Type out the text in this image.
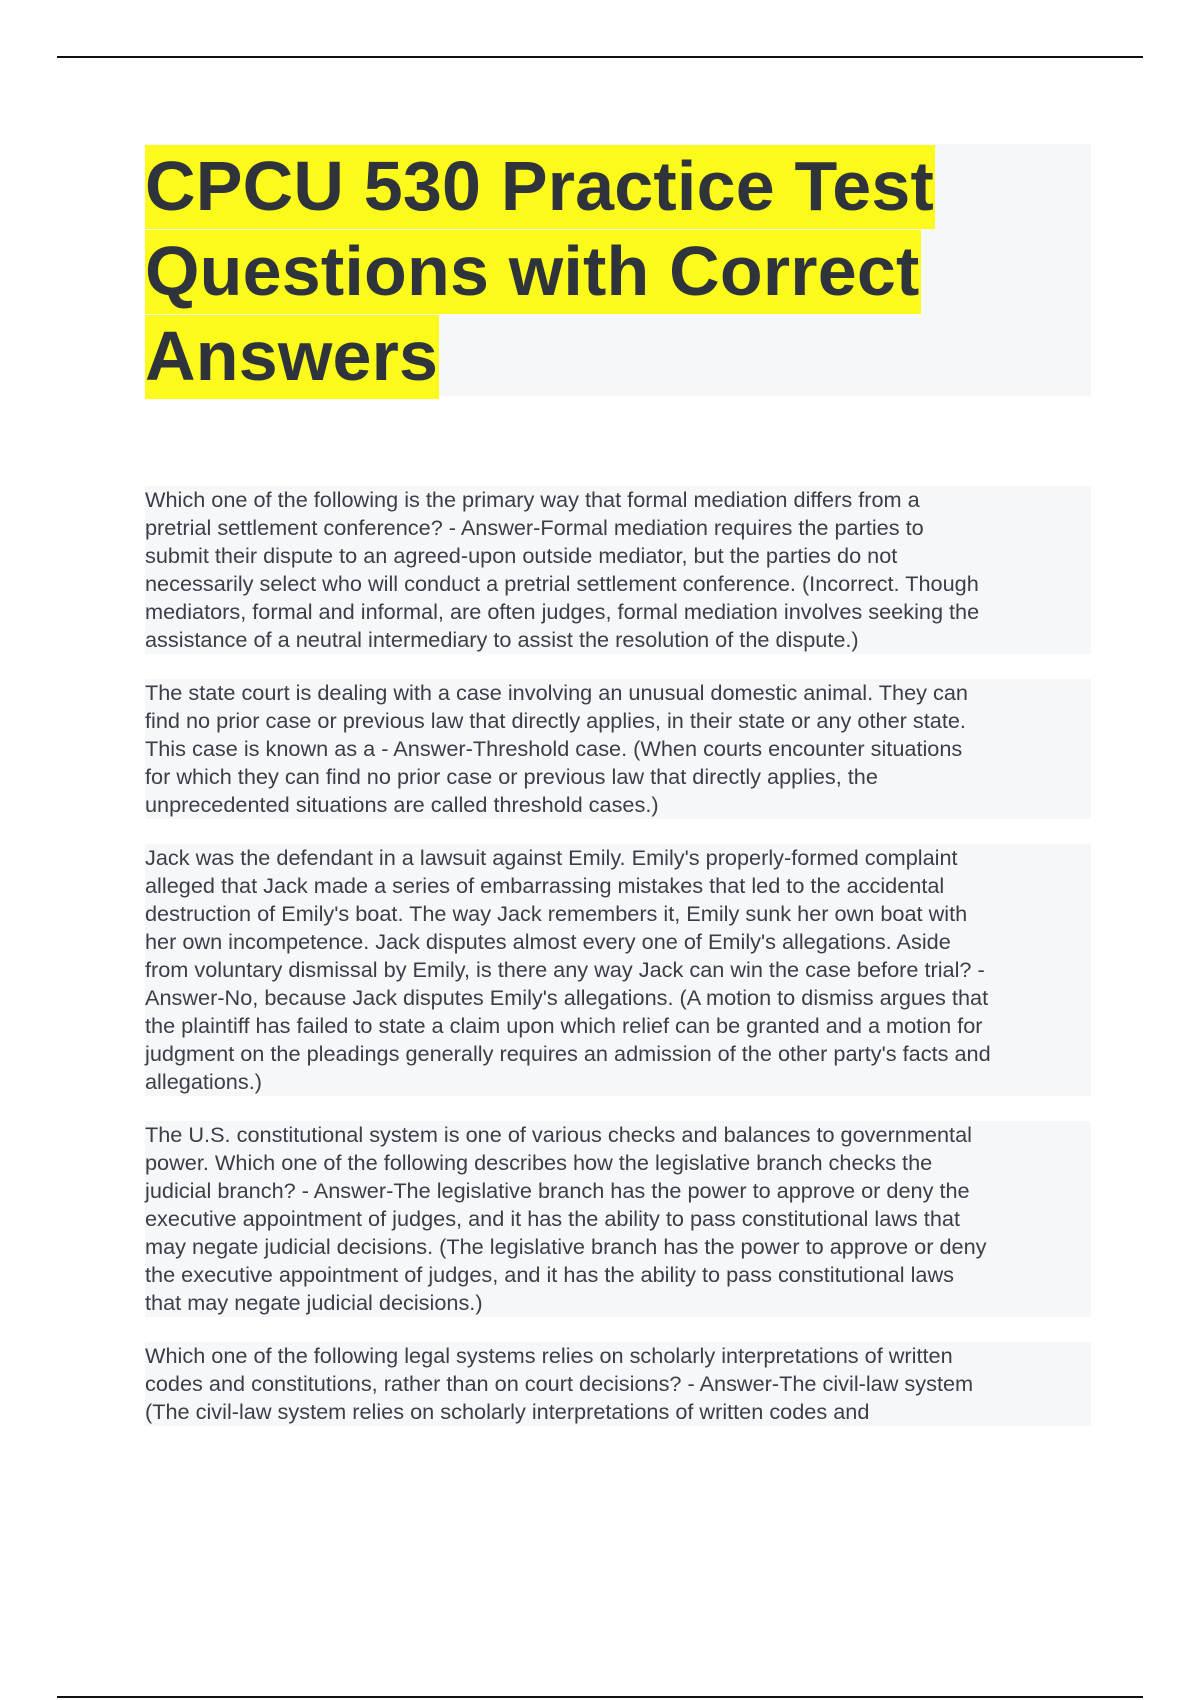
CPCU 530 Practice Test
Questions with Correct
Answers

Which one of the following is the primary way that formal mediation differs from a
pretrial settlement conference? - Answer-Formal mediation requires the parties to
submit their dispute to an agreed-upon outside mediator, but the parties do not
necessarily select who will conduct a pretrial settlement conference. (Incorrect. Though
mediators, formal and informal, are often judges, formal mediation involves seeking the
assistance of a neutral intermediary to assist the resolution of the dispute.)

The state court is dealing with a case involving an unusual domestic animal. They can
find no prior case or previous law that directly applies, in their state or any other state.
This case is known as a - Answer-Threshold case. (When courts encounter situations
for which they can find no prior case or previous law that directly applies, the
unprecedented situations are called threshold cases.)

Jack was the defendant in a lawsuit against Emily. Emily's properly-formed complaint
alleged that Jack made a series of embarrassing mistakes that led to the accidental
destruction of Emily's boat. The way Jack remembers it, Emily sunk her own boat with
her own incompetence. Jack disputes almost every one of Emily's allegations. Aside
from voluntary dismissal by Emily, is there any way Jack can win the case before trial? -
Answer-No, because Jack disputes Emily's allegations. (A motion to dismiss argues that
the plaintiff has failed to state a claim upon which relief can be granted and a motion for
judgment on the pleadings generally requires an admission of the other party's facts and
allegations.)

The U.S. constitutional system is one of various checks and balances to governmental
power. Which one of the following describes how the legislative branch checks the
judicial branch? - Answer-The legislative branch has the power to approve or deny the
executive appointment of judges, and it has the ability to pass constitutional laws that
may negate judicial decisions. (The legislative branch has the power to approve or deny
the executive appointment of judges, and it has the ability to pass constitutional laws
that may negate judicial decisions.)

Which one of the following legal systems relies on scholarly interpretations of written
codes and constitutions, rather than on court decisions? - Answer-The civil-law system
(The civil-law system relies on scholarly interpretations of written codes and
